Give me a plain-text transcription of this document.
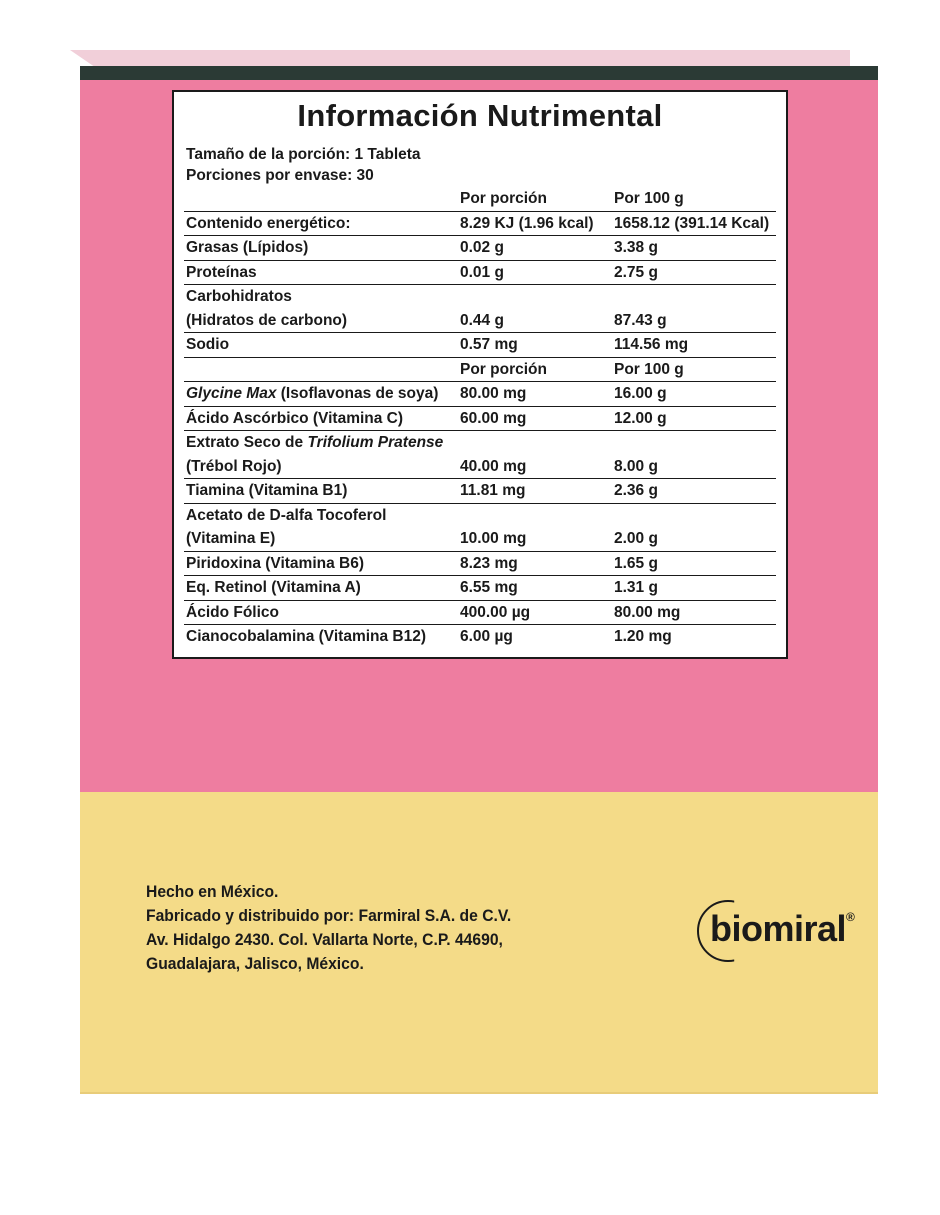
Información Nutrimental
Tamaño de la porción: 1 Tableta
Porciones por envase: 30
	Por porción	Por 100 g
Contenido energético:	8.29 KJ (1.96 kcal)	1658.12 (391.14 Kcal)
Grasas (Lípidos)	0.02 g	3.38 g
Proteínas	0.01 g	2.75 g
Carbohidratos		
(Hidratos de carbono)	0.44 g	87.43 g
Sodio	0.57 mg	114.56 mg
	Por porción	Por 100 g
Glycine Max (Isoflavonas de soya)	80.00 mg	16.00 g
Ácido Ascórbico (Vitamina C)	60.00 mg	12.00 g
Extrato Seco de Trifolium Pratense		
(Trébol Rojo)	40.00 mg	8.00 g
Tiamina (Vitamina B1)	11.81 mg	2.36 g
Acetato de D-alfa Tocoferol		
(Vitamina E)	10.00 mg	2.00 g
Piridoxina (Vitamina B6)	8.23 mg	1.65 g
Eq. Retinol (Vitamina A)	6.55 mg	1.31 g
Ácido Fólico	400.00 µg	80.00 mg
Cianocobalamina (Vitamina B12)	6.00 µg	1.20 mg
Hecho en México.
Fabricado y distribuido por: Farmiral S.A. de C.V.
Av. Hidalgo 2430. Col. Vallarta Norte, C.P. 44690,
Guadalajara, Jalisco, México.
biomiral®
